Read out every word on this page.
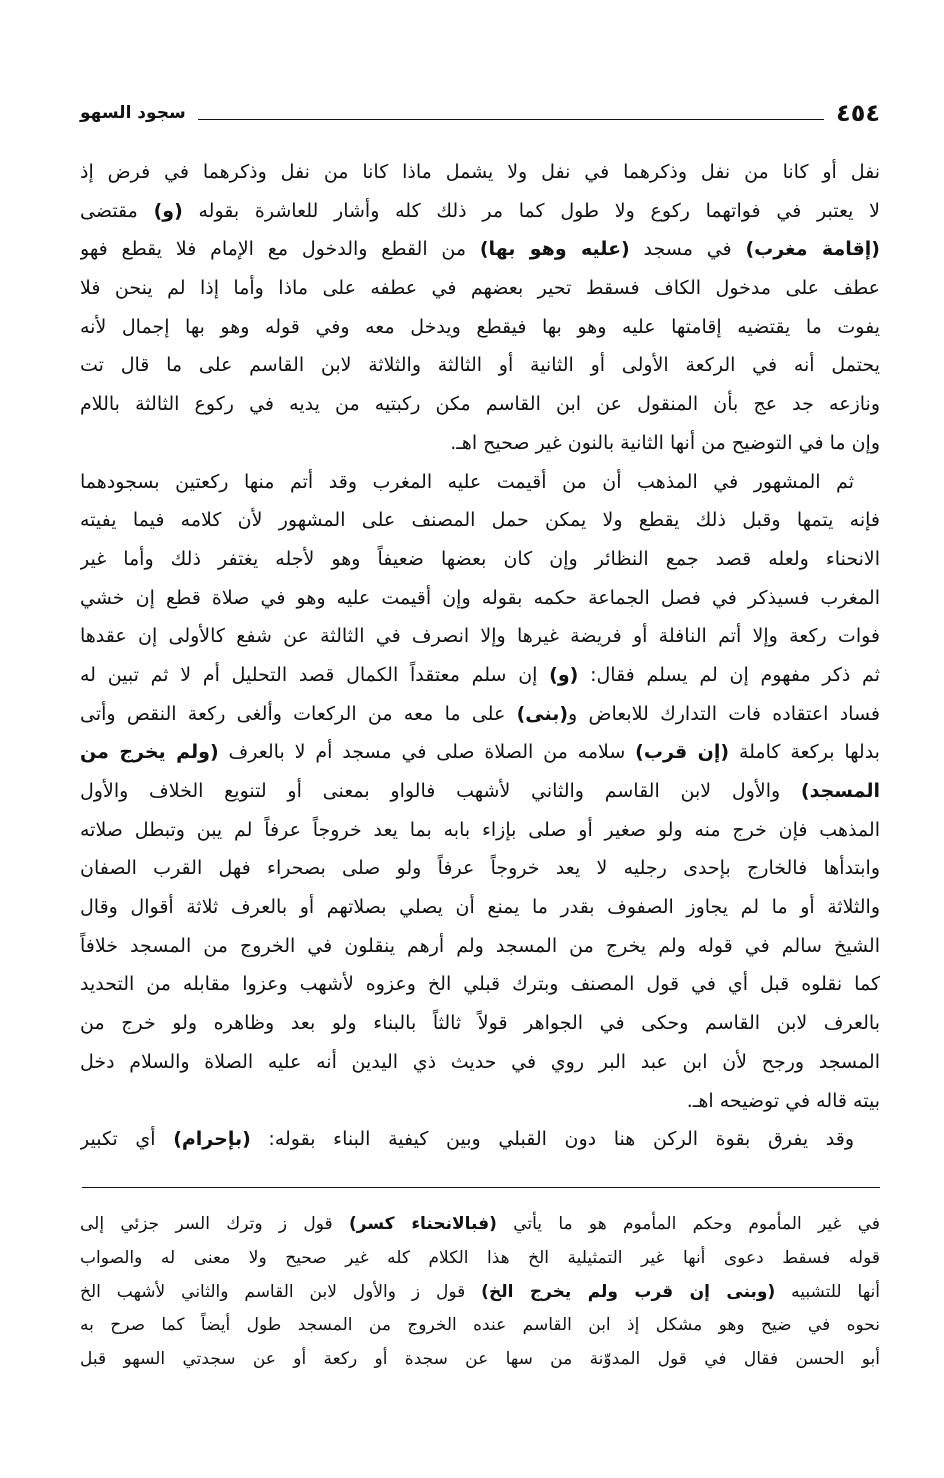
٤٥٤
سجود السهو
نفل أو كانا من نفل وذكرهما في نفل ولا يشمل ماذا كانا من نفل وذكرهما في فرض إذ
لا يعتبر في فواتهما ركوع ولا طول كما مر ذلك كله وأشار للعاشرة بقوله (و) مقتضى
(إقامة مغرب) في مسجد (عليه وهو بها) من القطع والدخول مع الإمام فلا يقطع فهو
عطف على مدخول الكاف فسقط تحير بعضهم في عطفه على ماذا وأما إذا لم ينحن فلا
يفوت ما يقتضيه إقامتها عليه وهو بها فيقطع ويدخل معه وفي قوله وهو بها إجمال لأنه
يحتمل أنه في الركعة الأولى أو الثانية أو الثالثة والثلاثة لابن القاسم على ما قال تت
ونازعه جد عج بأن المنقول عن ابن القاسم مكن ركبتيه من يديه في ركوع الثالثة باللام
وإن ما في التوضيح من أنها الثانية بالنون غير صحيح اهـ.
ثم المشهور في المذهب أن من أقيمت عليه المغرب وقد أتم منها ركعتين بسجودهما
فإنه يتمها وقبل ذلك يقطع ولا يمكن حمل المصنف على المشهور لأن كلامه فيما يفيته
الانحناء ولعله قصد جمع النظائر وإن كان بعضها ضعيفاً وهو لأجله يغتفر ذلك وأما غير
المغرب فسيذكر في فصل الجماعة حكمه بقوله وإن أقيمت عليه وهو في صلاة قطع إن خشي
فوات ركعة وإلا أتم النافلة أو فريضة غيرها وإلا انصرف في الثالثة عن شفع كالأولى إن عقدها
ثم ذكر مفهوم إن لم يسلم فقال: (و) إن سلم معتقداً الكمال قصد التحليل أم لا ثم تبين له
فساد اعتقاده فات التدارك للابعاض و(بنى) على ما معه من الركعات وألغى ركعة النقص وأتى
بدلها بركعة كاملة (إن قرب) سلامه من الصلاة صلى في مسجد أم لا بالعرف (ولم يخرج من
المسجد) والأول لابن القاسم والثاني لأشهب فالواو بمعنى أو لتنويع الخلاف والأول
المذهب فإن خرج منه ولو صغير أو صلى بإزاء بابه بما يعد خروجاً عرفاً لم يبن وتبطل صلاته
وابتدأها فالخارج بإحدى رجليه لا يعد خروجاً عرفاً ولو صلى بصحراء فهل القرب الصفان
والثلاثة أو ما لم يجاوز الصفوف بقدر ما يمنع أن يصلي بصلاتهم أو بالعرف ثلاثة أقوال وقال
الشيخ سالم في قوله ولم يخرج من المسجد ولم أرهم ينقلون في الخروج من المسجد خلافاً
كما نقلوه قبل أي في قول المصنف وبترك قبلي الخ وعزوه لأشهب وعزوا مقابله من التحديد
بالعرف لابن القاسم وحكى في الجواهر قولاً ثالثاً بالبناء ولو بعد وظاهره ولو خرج من
المسجد ورجح لأن ابن عبد البر روي في حديث ذي اليدين أنه عليه الصلاة والسلام دخل
بيته قاله في توضيحه اهـ.
وقد يفرق بقوة الركن هنا دون القبلي وبين كيفية البناء بقوله: (بإحرام) أي تكبير
في غير المأموم وحكم المأموم هو ما يأتي (فبالانحناء كسر) قول ز وترك السر جزئي إلى
قوله فسقط دعوى أنها غير التمثيلية الخ هذا الكلام كله غير صحيح ولا معنى له والصواب
أنها للتشبيه (وبنى إن قرب ولم يخرج الخ) قول ز والأول لابن القاسم والثاني لأشهب الخ
نحوه في ضيح وهو مشكل إذ ابن القاسم عنده الخروج من المسجد طول أيضاً كما صرح به
أبو الحسن فقال في قول المدوّنة من سها عن سجدة أو ركعة أو عن سجدتي السهو قبل
